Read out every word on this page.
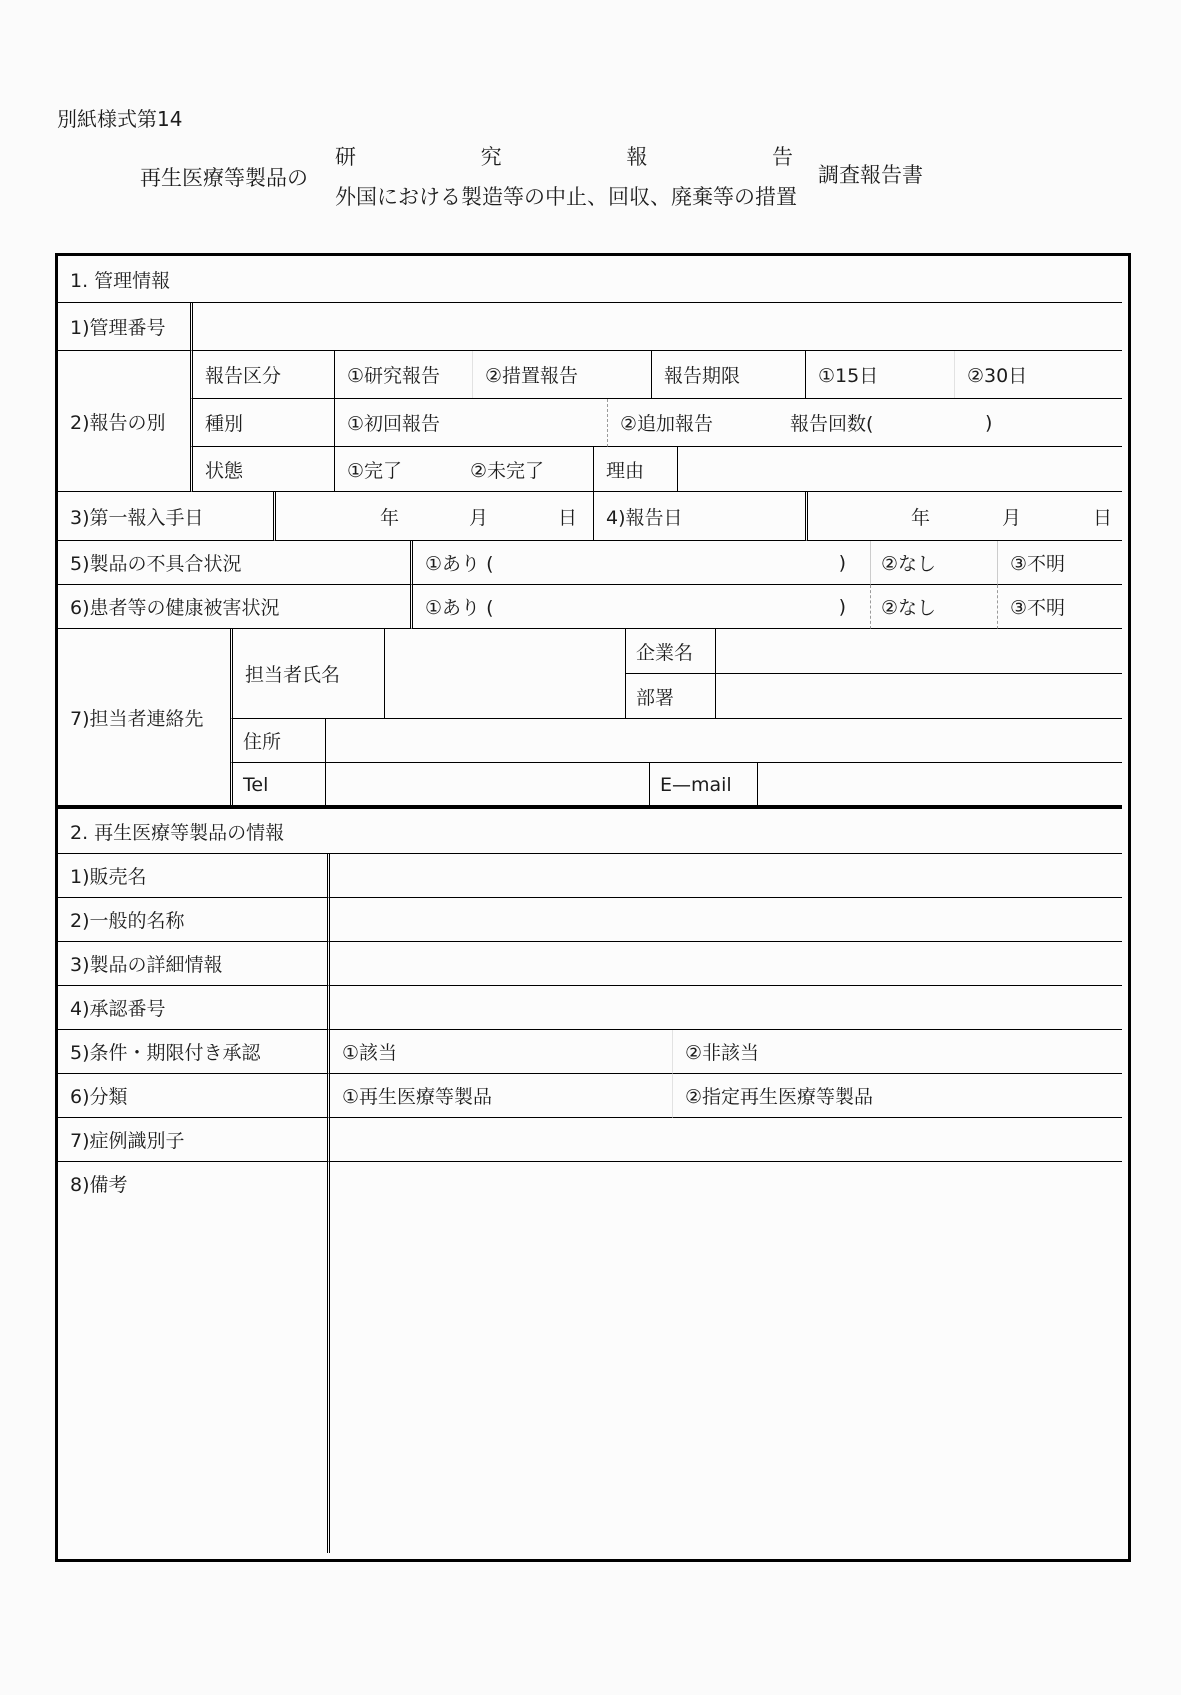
別紙様式第14
再生医療等製品の
研	究	報	告
外国における製造等の中止、回収、廃棄等の措置
調査報告書
1. 管理情報
1)管理番号
2)報告の別
報告区分	①研究報告	②措置報告	報告期限	①15日	②30日
種別	①初回報告	②追加報告	報告回数(	)
状態	①完了	②未完了	理由
3)第一報入手日	年	月	日	4)報告日	年	月	日
5)製品の不具合状況	①あり (	)	②なし	③不明
6)患者等の健康被害状況	①あり (	)	②なし	③不明
7)担当者連絡先
担当者氏名
企業名
部署
住所
Tel	E—mail
2. 再生医療等製品の情報
1)販売名
2)一般的名称
3)製品の詳細情報
4)承認番号
5)条件・期限付き承認	①該当	②非該当
6)分類	①再生医療等製品	②指定再生医療等製品
7)症例識別子
8)備考
